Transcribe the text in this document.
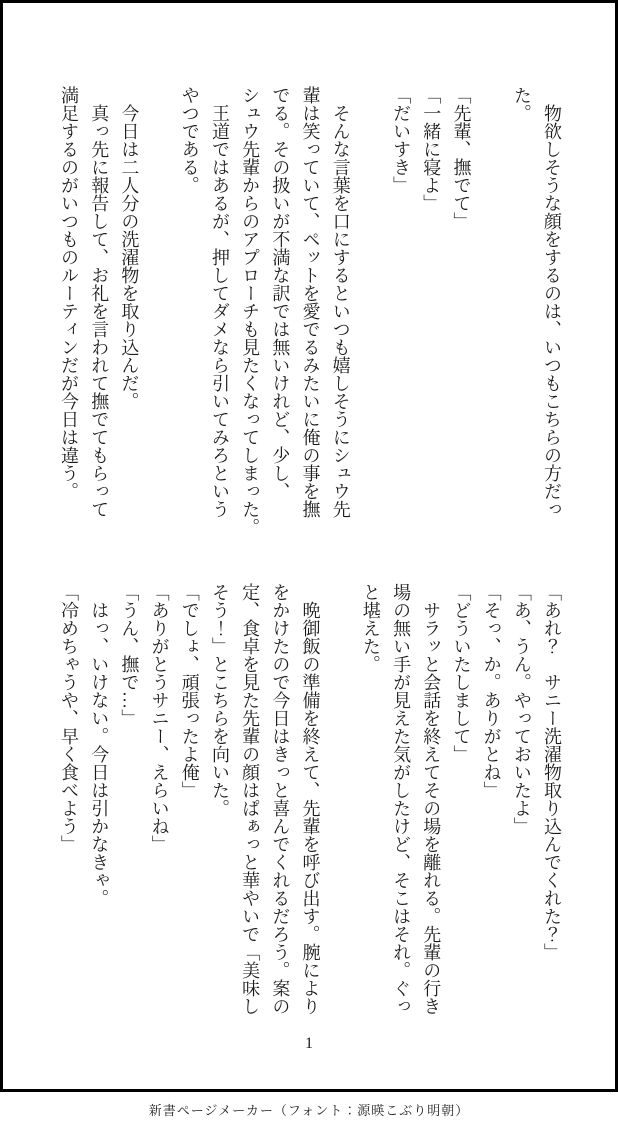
　物欲しそうな顔をするのは、いつもこちらの方だっ
た。
「先輩、撫でて」
「一緒に寝よ」
「だいすき」
　そんな言葉を口にするといつも嬉しそうにシュウ先
輩は笑っていて、ペットを愛でるみたいに俺の事を撫
でる。その扱いが不満な訳では無いけれど、少し、
シュウ先輩からのアプローチも見たくなってしまった。
　王道ではあるが、押してダメなら引いてみろという
やつである。
　今日は二人分の洗濯物を取り込んだ。
　真っ先に報告して、お礼を言われて撫でてもらって
満足するのがいつものルーティンだが今日は違う。
「あれ？　サニー洗濯物取り込んでくれた？」
「あ、うん。やっておいたよ」
「そっ、か。ありがとね」
「どういたしまして」
　サラッと会話を終えてその場を離れる。先輩の行き
場の無い手が見えた気がしたけど、そこはそれ。ぐっ
と堪えた。
　晩御飯の準備を終えて、先輩を呼び出す。腕により
をかけたので今日はきっと喜んでくれるだろう。案の
定、食卓を見た先輩の顔はぱぁっと華やいで「美味し
そう！」とこちらを向いた。
「でしょ、頑張ったよ俺」
「ありがとうサニー、えらいね」
「うん、撫で…」
　はっ、いけない。今日は引かなきゃ。
「冷めちゃうや、早く食べよう」
1
新書ページメーカー（フォント：源暎こぶり明朝）
